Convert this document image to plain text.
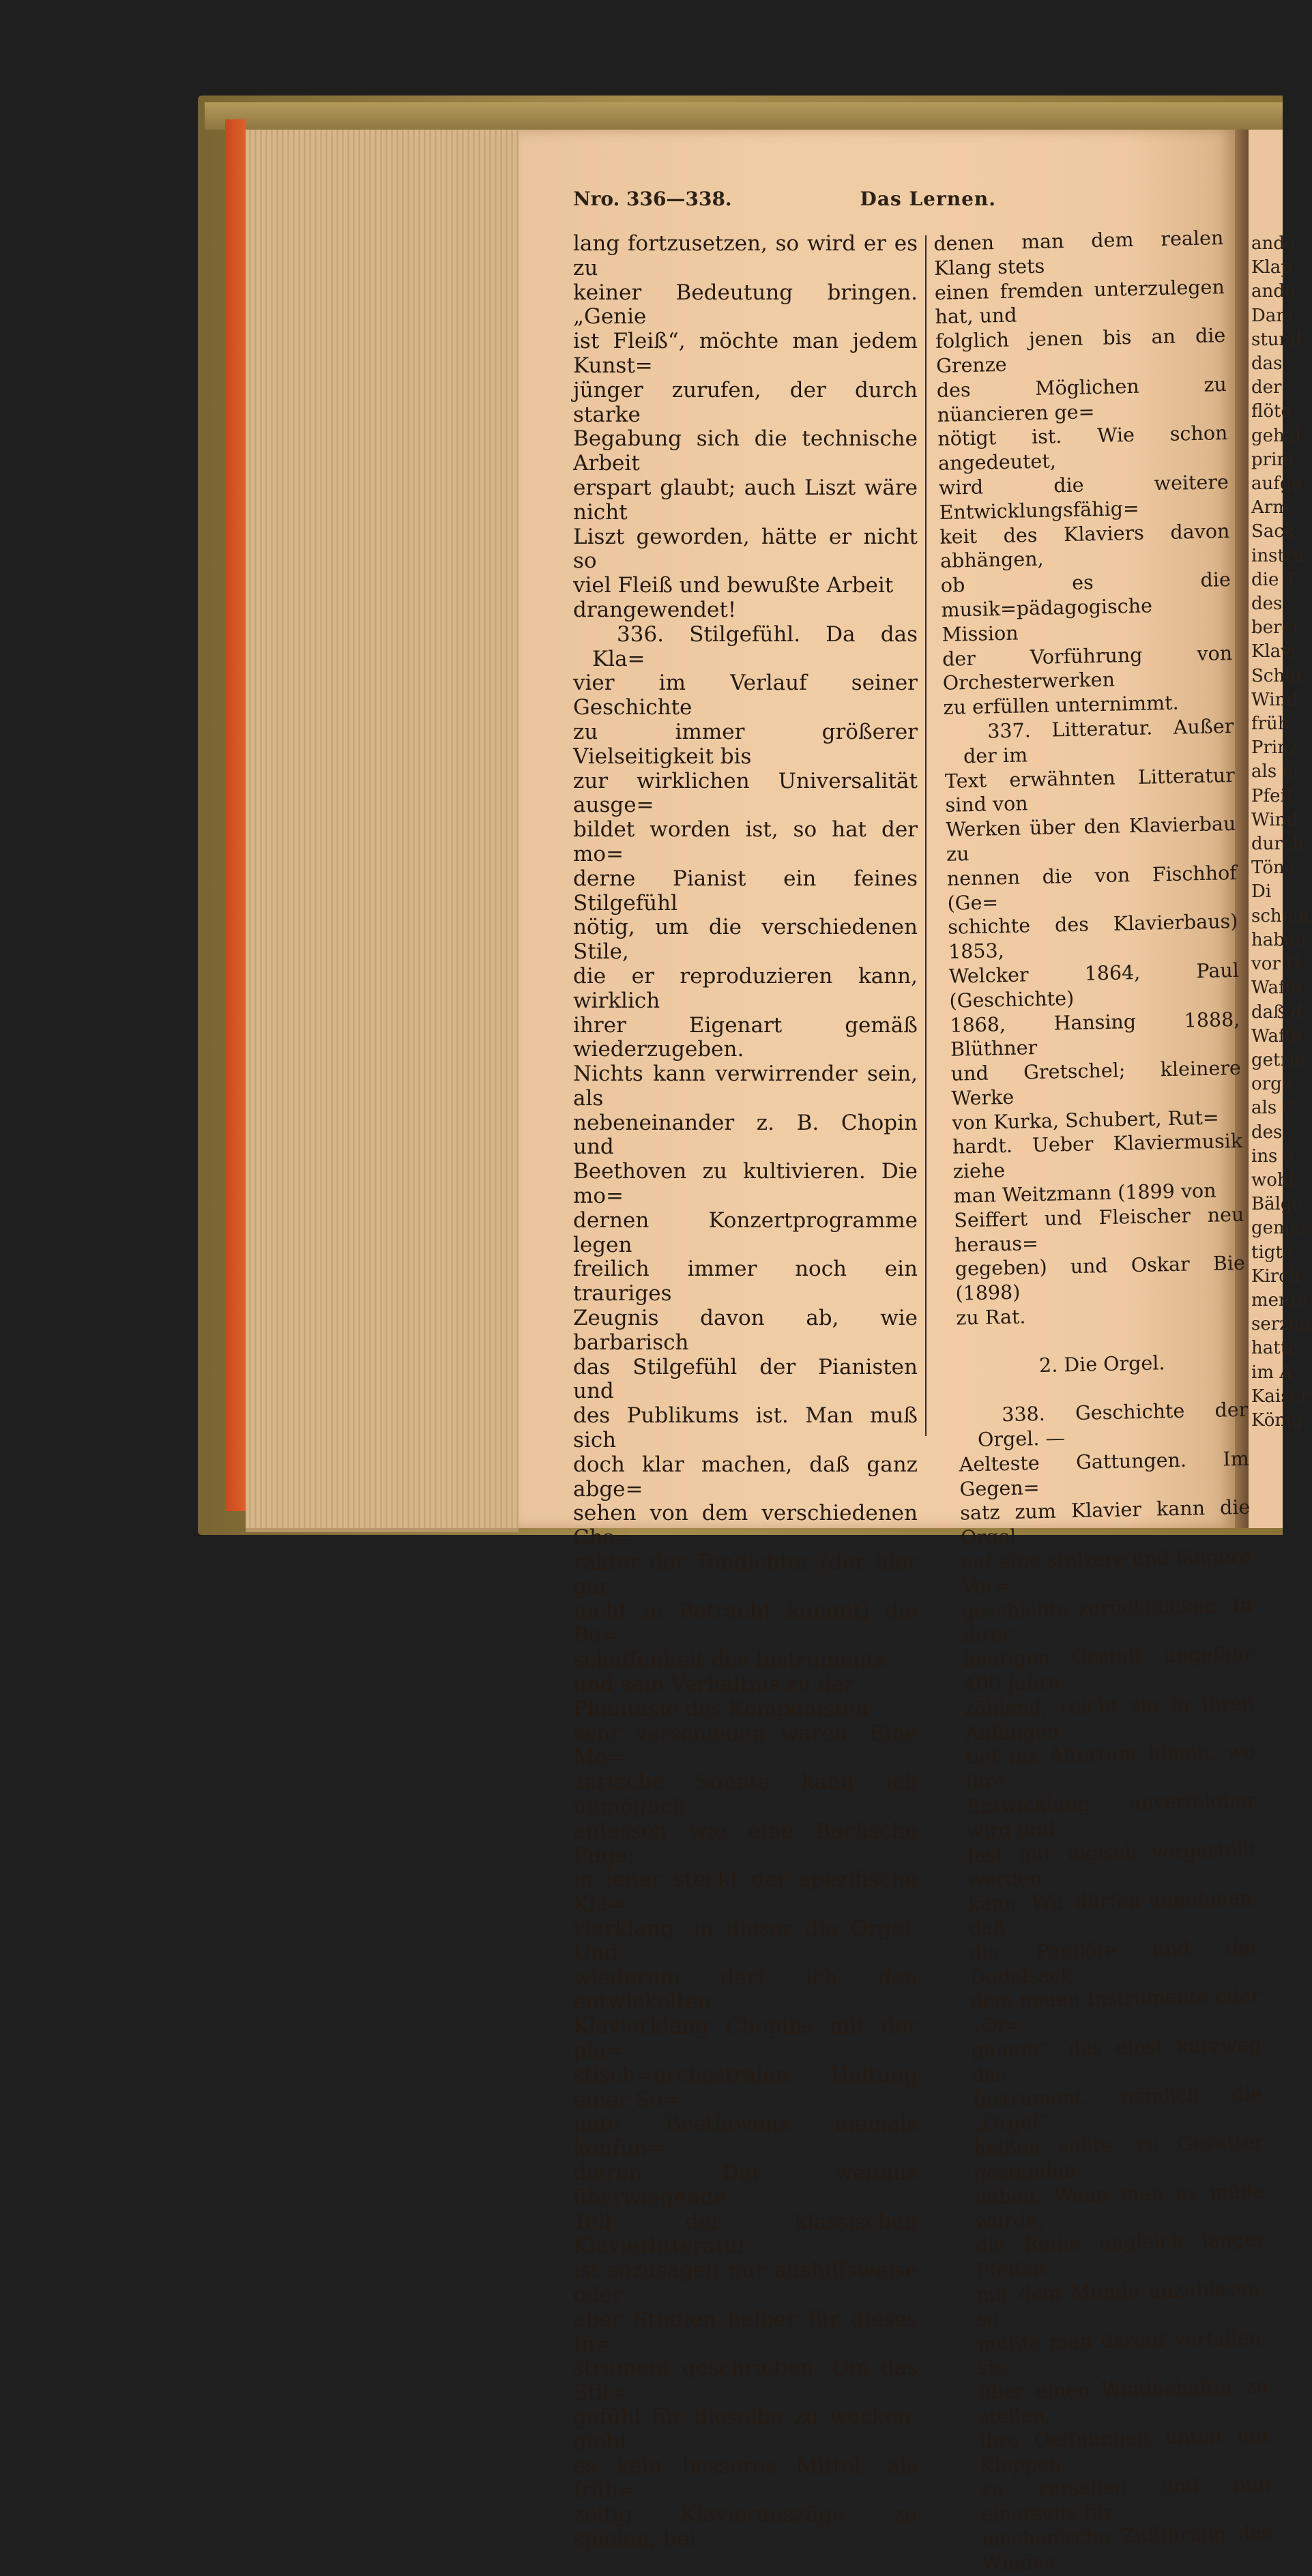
ande
Klap
ande
Dam
stund
das
der
flöte
gehal
prim
aufge
Arm
Sack
instru
die T
des
berei
Klavi
Schlü
Wind
früh
Prinz
als ei
Pfeif
Wind
durch
Töne
Di
schein
haben
vor G
Waffe
daß d
Waffe
getrie
orge
als C
des
ins e
wohl
Bälge
gemac
tigte
Kirch
mente
serzeit
hatte.
im A
Kaiser
König
Nro. 336—338.	Das Lernen.
lang fortzusetzen, so wird er es zu
keiner Bedeutung bringen. „Genie
ist Fleiß“, möchte man jedem Kunst=
jünger zurufen, der durch starke
Begabung sich die technische Arbeit
erspart glaubt; auch Liszt wäre nicht
Liszt geworden, hätte er nicht so
viel Fleiß und bewußte Arbeit
drangewendet!
336. Stilgefühl. Da das Kla=
vier im Verlauf seiner Geschichte
zu immer größerer Vielseitigkeit bis
zur wirklichen Universalität ausge=
bildet worden ist, so hat der mo=
derne Pianist ein feines Stilgefühl
nötig, um die verschiedenen Stile,
die er reproduzieren kann, wirklich
ihrer Eigenart gemäß wiederzugeben.
Nichts kann verwirrender sein, als
nebeneinander z. B. Chopin und
Beethoven zu kultivieren. Die mo=
dernen Konzertprogramme legen
freilich immer noch ein trauriges
Zeugnis davon ab, wie barbarisch
das Stilgefühl der Pianisten und
des Publikums ist. Man muß sich
doch klar machen, daß ganz abge=
sehen von dem verschiedenen Cha=
rakter der Tondichter (der hier gar
nicht in Betracht kommt) die Be=
schaffenheit des Instruments
und sein Verhältnis zu der
Phantasie des Komponisten
sehr verschieden waren. Eine Mo=
zartsche Sonate kann ich unmöglich
anfassen wie eine Bachsche Fuge;
in jener steckt der spezifische Kla=
vierklang, in dieser die Orgel. Und
wiederum darf ich den entwickelten
Klavierklang Chopins mit der pla=
stisch=orchestralen Haltung einer So=
nate Beethovens niemals konfun=
dieren. Der weitaus überwiegende
Teil der klassischen Klavierlitteratur
ist sozusagen nur aushilfsweise oder
aber Studien halber für dieses In=
strument geschrieben. Um das Stil=
gefühl für dieselbe zu wecken, giebt
es kein besseres Mittel, als früh=
zeitig Klavierauszüge zu spielen, bei
denen man dem realen Klang stets
einen fremden unterzulegen hat, und
folglich jenen bis an die Grenze
des Möglichen zu nüancieren ge=
nötigt ist. Wie schon angedeutet,
wird die weitere Entwicklungsfähig=
keit des Klaviers davon abhängen,
ob es die musik=pädagogische Mission
der Vorführung von Orchesterwerken
zu erfüllen unternimmt.
337. Litteratur. Außer der im
Text erwähnten Litteratur sind von
Werken über den Klavierbau zu
nennen die von Fischhof (Ge=
schichte des Klavierbaus) 1853,
Welcker 1864, Paul (Geschichte)
1868, Hansing 1888, Blüthner
und Gretschel; kleinere Werke
von Kurka, Schubert, Rut=
hardt. Ueber Klaviermusik ziehe
man Weitzmann (1899 von
Seiffert und Fleischer neu heraus=
gegeben) und Oskar Bie (1898)
zu Rat.

2. Die Orgel.

338. Geschichte der Orgel. —
Aelteste Gattungen. Im Gegen=
satz zum Klavier kann die Orgel
auf eine stolzere und längere Vor=
geschichte zurückblicken. In ihrer
heutigen Gestalt ungefähr 400 Jahre
zählend, reicht sie in ihren Anfängen
tief ins Altertum hinein, wo ihre
Entwicklung unverfolgbar wird und
fast nur logisch vorgestellt werden
kann. Wir dürfen annehmen, daß
die Panflöte und der Dudelsack
dem neuen Instrumente oder „Or=
ganum“, das einst kurzweg das
Instrument, nämlich die „Orgel“
heißen sollte, zu Gevatter gestanden
haben. Wenn man es müde wurde,
die Reihe ungleich langer Pfeifen
mit dem Munde anzublasen, so
mußte man darauf verfallen, sie
über einen Windbehälter zu stellen,
ihre Oeffnungen unten mit Klappen
zu versehen und nun einerseits für
mechanische Zuführung des Windes,
